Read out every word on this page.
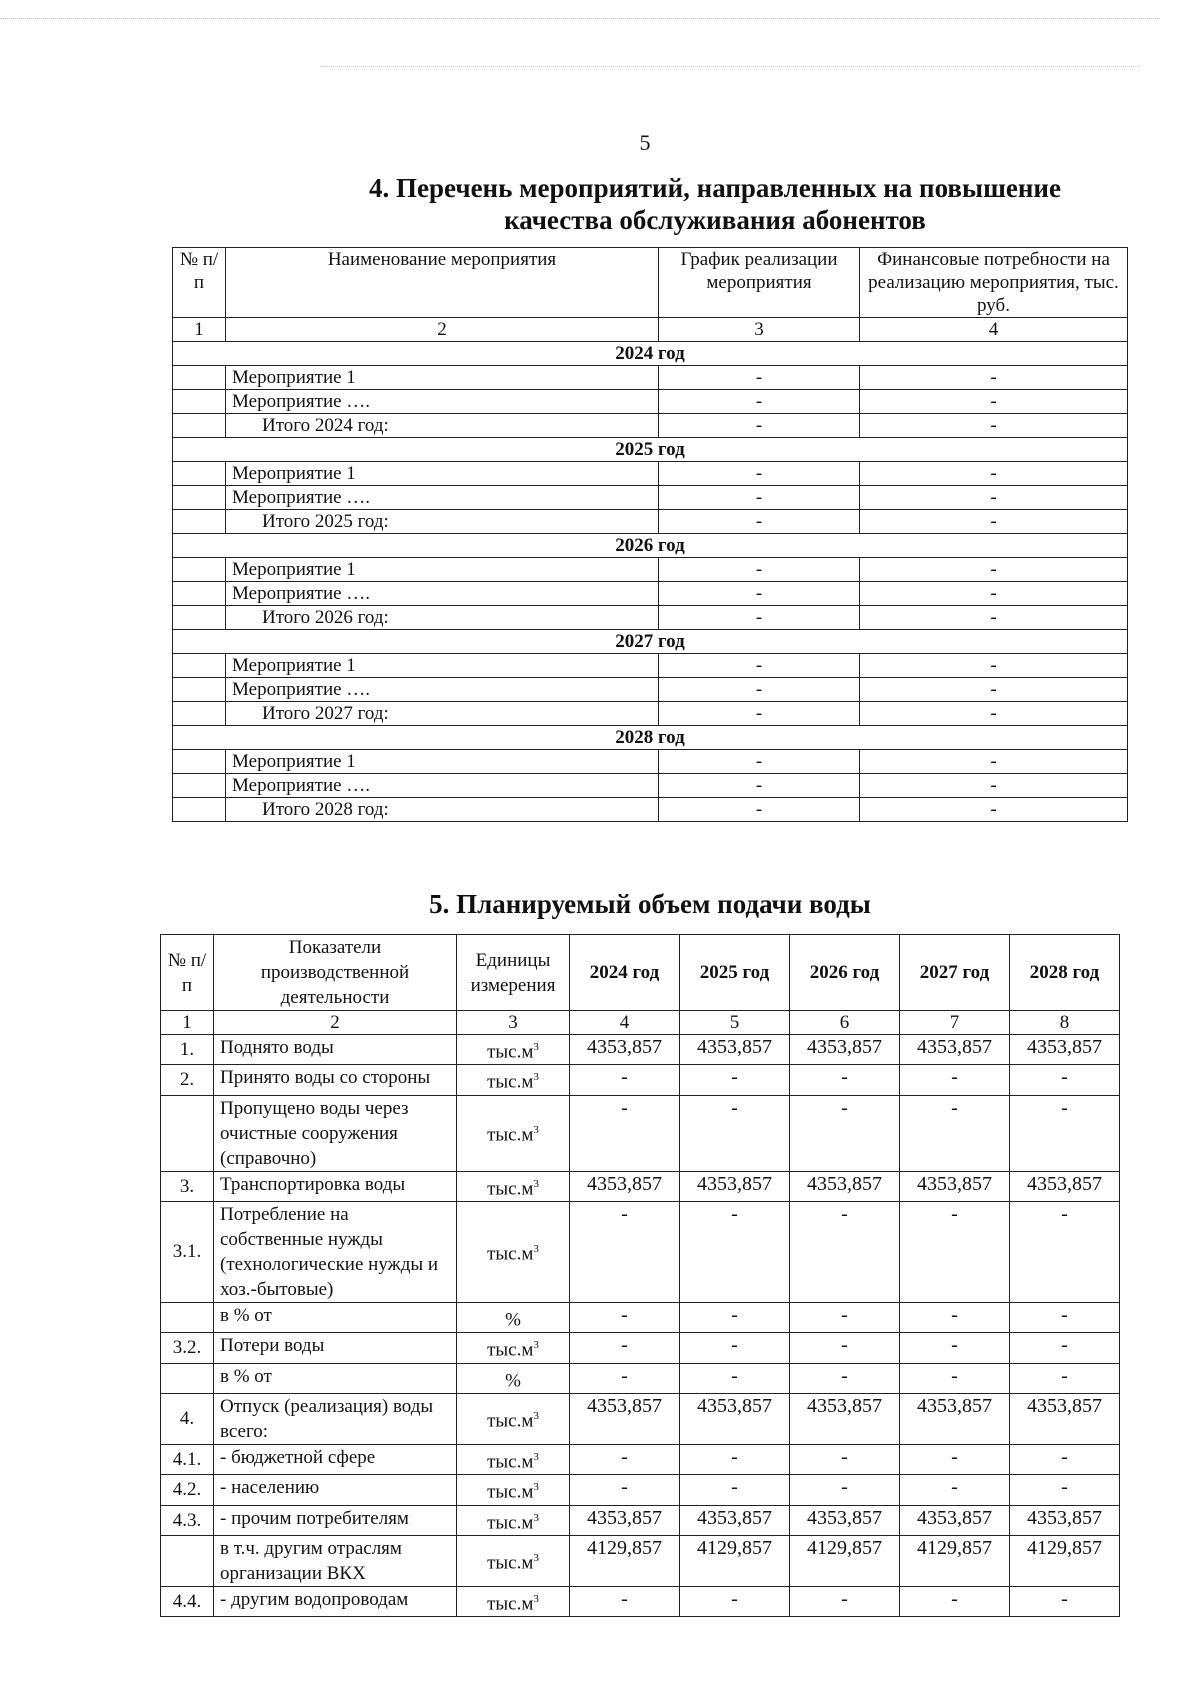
5
4. Перечень мероприятий, направленных на повышение
качества обслуживания абонентов
№ п/п	Наименование мероприятия	График реализации мероприятия	Финансовые потребности на реализацию мероприятия, тыс. руб.
1	2	3	4
2024 год			
	Мероприятие 1	-	-
	Мероприятие ….	-	-
	Итого 2024 год:	-	-
2025 год			
	Мероприятие 1	-	-
	Мероприятие ….	-	-
	Итого 2025 год:	-	-
2026 год			
	Мероприятие 1	-	-
	Мероприятие ….	-	-
	Итого 2026 год:	-	-
2027 год			
	Мероприятие 1	-	-
	Мероприятие ….	-	-
	Итого 2027 год:	-	-
2028 год			
	Мероприятие 1	-	-
	Мероприятие ….	-	-
	Итого 2028 год:	-	-
5. Планируемый объем подачи воды
№ п/п	Показатели производственной деятельности	Единицы измерения	2024 год	2025 год	2026 год	2027 год	2028 год
1	2	3	4	5	6	7	8
1.	Поднято воды	$тыс.м^3$	4353,857	4353,857	4353,857	4353,857	4353,857
2.	Принято воды со стороны	$тыс.м^3$	-	-	-	-	-
	Пропущено воды через очистные сооружения (справочно)	$тыс.м^3$	-	-	-	-	-
3.	Транспортировка воды	$тыс.м^3$	4353,857	4353,857	4353,857	4353,857	4353,857
3.1.	Потребление на собственные нужды (технологические нужды и хоз.-бытовые)	$тыс.м^3$	-	-	-	-	-
	в % от	%	-	-	-	-	-
3.2.	Потери воды	$тыс.м^3$	-	-	-	-	-
	в % от	%	-	-	-	-	-
4.	Отпуск (реализация) воды всего:	$тыс.м^3$	4353,857	4353,857	4353,857	4353,857	4353,857
4.1.	- бюджетной сфере	$тыс.м^3$	-	-	-	-	-
4.2.	- населению	$тыс.м^3$	-	-	-	-	-
4.3.	- прочим потребителям	$тыс.м^3$	4353,857	4353,857	4353,857	4353,857	4353,857
	в т.ч. другим отраслям организации ВКХ	$тыс.м^3$	4129,857	4129,857	4129,857	4129,857	4129,857
4.4.	- другим водопроводам	$тыс.м^3$	-	-	-	-	-
